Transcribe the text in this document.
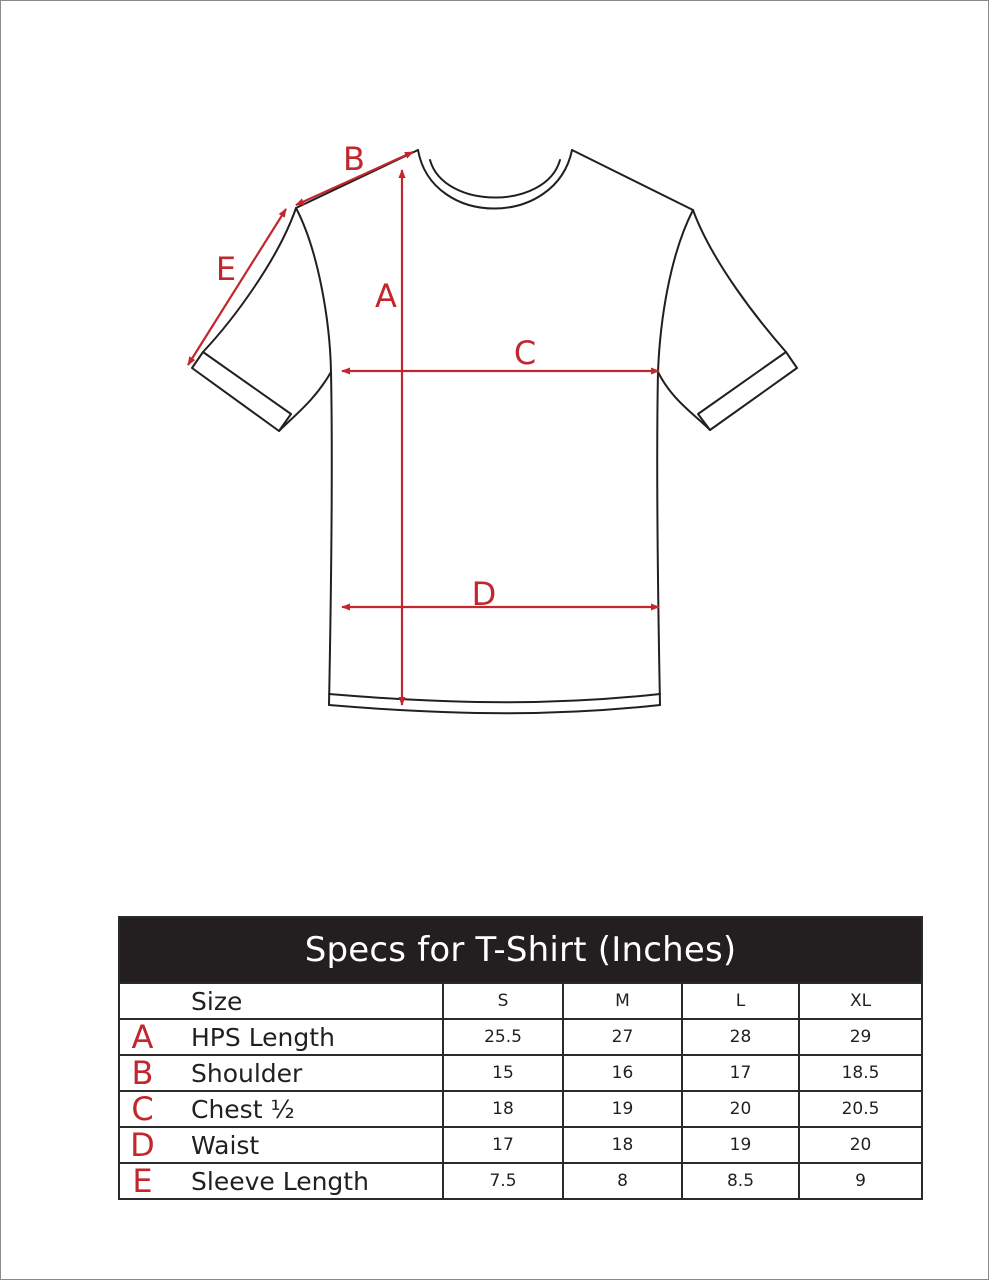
A
B
C
D
E
Specs for T-Shirt (Inches)					
	Size	S	M	L	XL
A	HPS Length	25.5	27	28	29
B	Shoulder	15	16	17	18.5
C	Chest ½	18	19	20	20.5
D	Waist	17	18	19	20
E	Sleeve Length	7.5	8	8.5	9
